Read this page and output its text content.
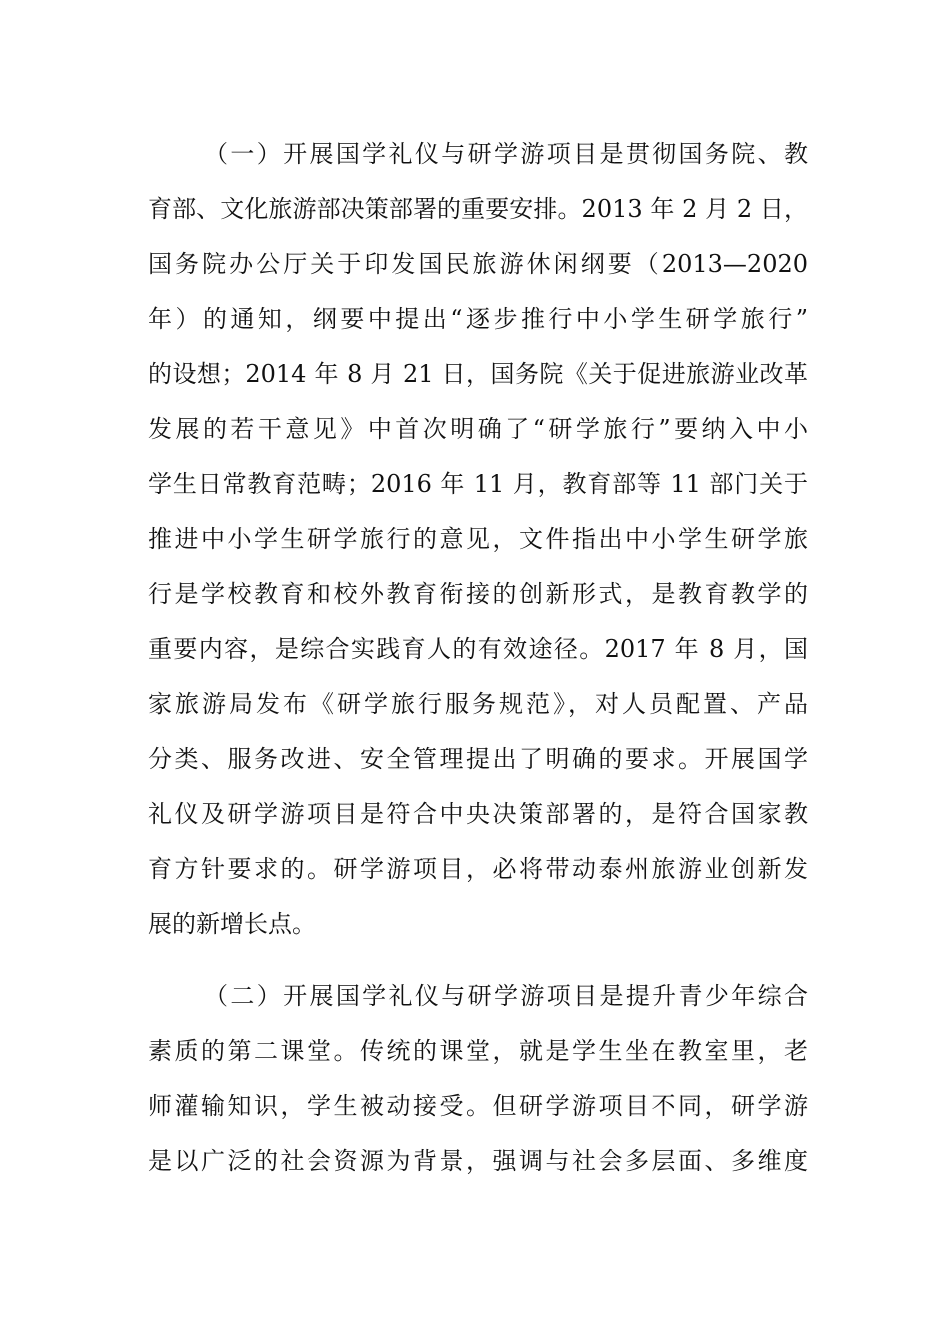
（一）开展国学礼仪与研学游项目是贯彻国务院、教
育部、文化旅游部决策部署的重要安排。2013 年 2 月 2 日，
国务院办公厅关于印发国民旅游休闲纲要（2013—2020
年）的通知，纲要中提出“逐步推行中小学生研学旅行”
的设想；2014 年 8 月 21 日，国务院《关于促进旅游业改革
发展的若干意见》中首次明确了“研学旅行”要纳入中小
学生日常教育范畴；2016 年 11 月，教育部等 11 部门关于
推进中小学生研学旅行的意见，文件指出中小学生研学旅
行是学校教育和校外教育衔接的创新形式，是教育教学的
重要内容，是综合实践育人的有效途径。2017 年 8 月，国
家旅游局发布《研学旅行服务规范》，对人员配置、产品
分类、服务改进、安全管理提出了明确的要求。开展国学
礼仪及研学游项目是符合中央决策部署的，是符合国家教
育方针要求的。研学游项目，必将带动泰州旅游业创新发
展的新增长点。
（二）开展国学礼仪与研学游项目是提升青少年综合
素质的第二课堂。传统的课堂，就是学生坐在教室里，老
师灌输知识，学生被动接受。但研学游项目不同，研学游
是以广泛的社会资源为背景，强调与社会多层面、多维度
